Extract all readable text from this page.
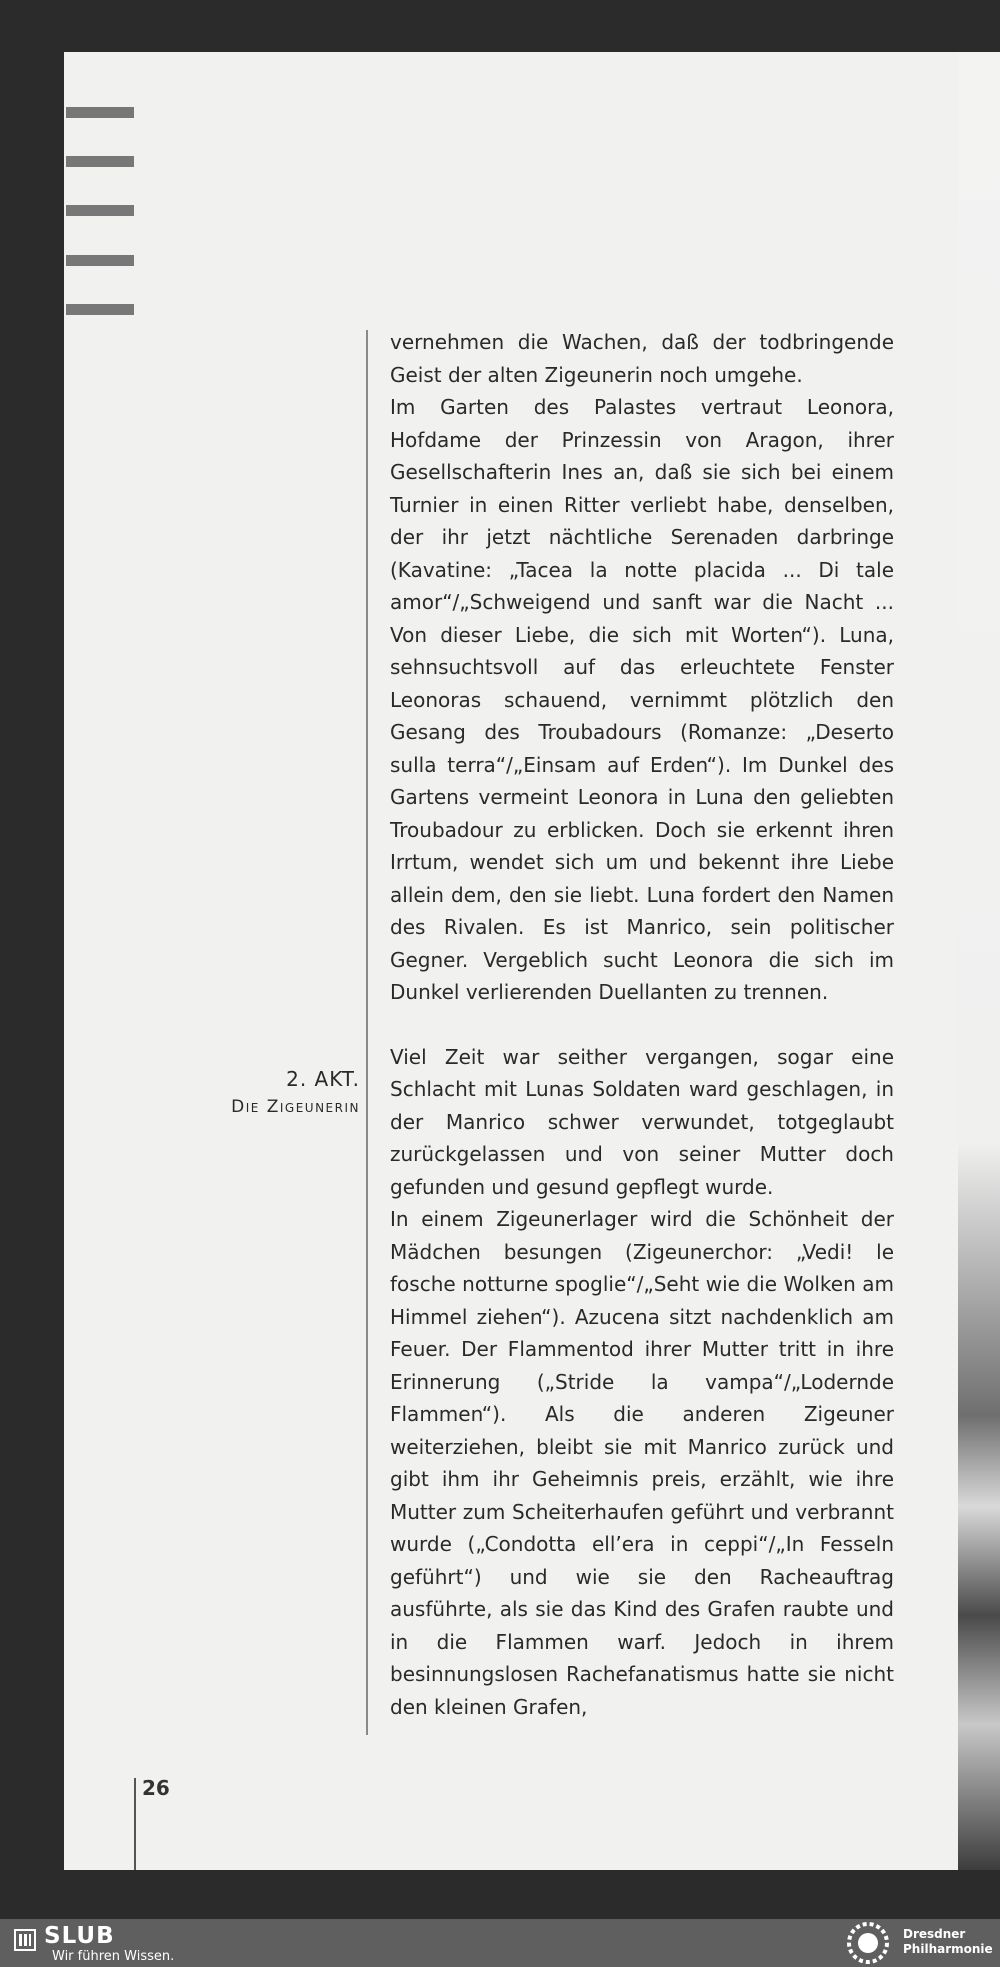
2. AKT.
Die Zigeunerin

vernehmen die Wachen, daß der todbringende Geist der alten Zigeunerin noch umgehe.

Im Garten des Palastes vertraut Leonora, Hofdame der Prinzessin von Aragon, ihrer Gesellschafterin Ines an, daß sie sich bei einem Turnier in einen Ritter verliebt habe, denselben, der ihr jetzt nächtliche Serenaden darbringe (Kavatine: „Tacea la notte placida ... Di tale amor“/„Schweigend und sanft war die Nacht ... Von dieser Liebe, die sich mit Worten“). Luna, sehnsuchtsvoll auf das erleuchtete Fenster Leonoras schauend, vernimmt plötzlich den Gesang des Troubadours (Romanze: „Deserto sulla terra“/„Einsam auf Erden“). Im Dunkel des Gartens vermeint Leonora in Luna den geliebten Troubadour zu erblicken. Doch sie erkennt ihren Irrtum, wendet sich um und bekennt ihre Liebe allein dem, den sie liebt. Luna fordert den Namen des Rivalen. Es ist Manrico, sein politischer Gegner. Vergeblich sucht Leonora die sich im Dunkel verlierenden Duellanten zu trennen.

Viel Zeit war seither vergangen, sogar eine Schlacht mit Lunas Soldaten ward geschlagen, in der Manrico schwer verwundet, totgeglaubt zurückgelassen und von seiner Mutter doch gefunden und gesund gepflegt wurde.

In einem Zigeunerlager wird die Schönheit der Mädchen besungen (Zigeunerchor: „Vedi! le fosche notturne spoglie“/„Seht wie die Wolken am Himmel ziehen“). Azucena sitzt nachdenklich am Feuer. Der Flammentod ihrer Mutter tritt in ihre Erinnerung („Stride la vampa“/„Lodernde Flammen“). Als die anderen Zigeuner weiterziehen, bleibt sie mit Manrico zurück und gibt ihm ihr Geheimnis preis, erzählt, wie ihre Mutter zum Scheiterhaufen geführt und verbrannt wurde („Condotta ell’era in ceppi“/„In Fesseln geführt“) und wie sie den Racheauftrag ausführte, als sie das Kind des Grafen raubte und in die Flammen warf. Jedoch in ihrem besinnungslosen Rachefanatismus hatte sie nicht den kleinen Grafen,

26
SLUB
Wir führen Wissen.
Dresdner
Philharmonie
